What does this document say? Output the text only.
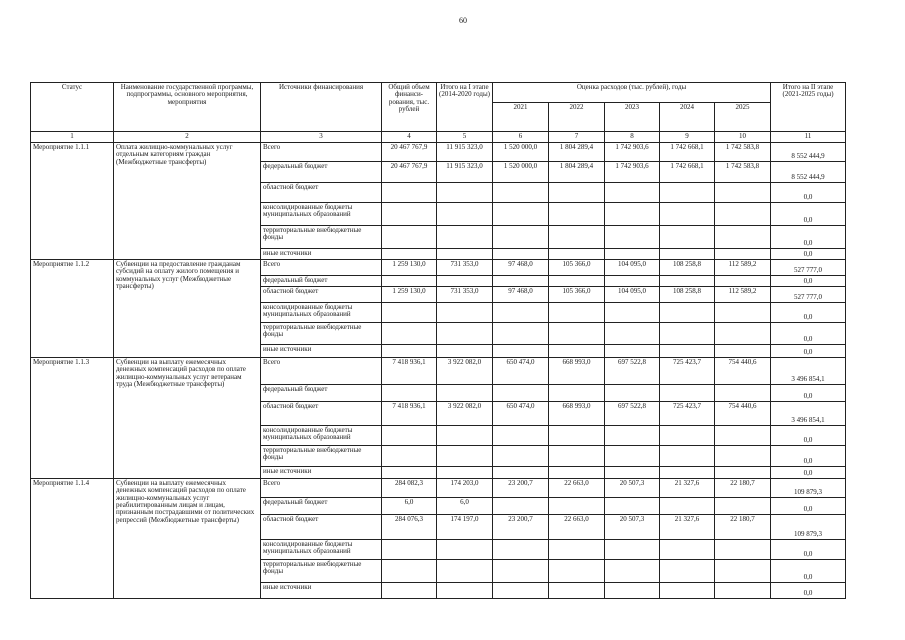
60
Статус	Наименование государственной программы, подпрограммы, основного мероприятия, мероприятия	Источники финансирования	Общий объем финанси-рования, тыс. рублей	Итого на I этапе (2014-2020 годы)	Оценка расходов (тыс. рублей), годы					Итого на II этапе (2021-2025 годы)
					2021	2022	2023	2024	2025	
1	2	3	4	5	6	7	8	9	10	11
Мероприятие 1.1.1	Оплата жилищно-коммунальных услуг отдельным категориям граждан (Межбюджетные трансферты)	Всего	20 467 767,9	11 915 323,0	1 520 000,0	1 804 289,4	1 742 903,6	1 742 668,1	1 742 583,8	8 552 444,9
		федеральный бюджет	20 467 767,9	11 915 323,0	1 520 000,0	1 804 289,4	1 742 903,6	1 742 668,1	1 742 583,8	8 552 444,9
		областной бюджет								0,0
		консолидированные бюджеты муниципальных образований								0,0
		территориальные внебюджетные фонды								0,0
		иные источники								0,0
Мероприятие 1.1.2	Субвенции на предоставление гражданам субсидий на оплату жилого помещения и коммунальных услуг (Межбюджетные трансферты)	Всего	1 259 130,0	731 353,0	97 468,0	105 366,0	104 095,0	108 258,8	112 589,2	527 777,0
		федеральный бюджет								0,0
		областной бюджет	1 259 130,0	731 353,0	97 468,0	105 366,0	104 095,0	108 258,8	112 589,2	527 777,0
		консолидированные бюджеты муниципальных образований								0,0
		территориальные внебюджетные фонды								0,0
		иные источники								0,0
Мероприятие 1.1.3	Субвенции на выплату ежемесячных денежных компенсаций расходов по оплате жилищно-коммунальных услуг ветеранам труда (Межбюджетные трансферты)	Всего	7 418 936,1	3 922 082,0	650 474,0	668 993,0	697 522,8	725 423,7	754 440,6	3 496 854,1
		федеральный бюджет								0,0
		областной бюджет	7 418 936,1	3 922 082,0	650 474,0	668 993,0	697 522,8	725 423,7	754 440,6	3 496 854,1
		консолидированные бюджеты муниципальных образований								0,0
		территориальные внебюджетные фонды								0,0
		иные источники								0,0
Мероприятие 1.1.4	Субвенции на выплату ежемесячных денежных компенсаций расходов по оплате жилищно-коммунальных услуг реабилитированным лицам и лицам, признанным пострадавшими от политических репрессий (Межбюджетные трансферты)	Всего	284 082,3	174 203,0	23 200,7	22 663,0	20 507,3	21 327,6	22 180,7	109 879,3
		федеральный бюджет	6,0	6,0						0,0
		областной бюджет	284 076,3	174 197,0	23 200,7	22 663,0	20 507,3	21 327,6	22 180,7	109 879,3
		консолидированные бюджеты муниципальных образований								0,0
		территориальные внебюджетные фонды								0,0
		иные источники								0,0
